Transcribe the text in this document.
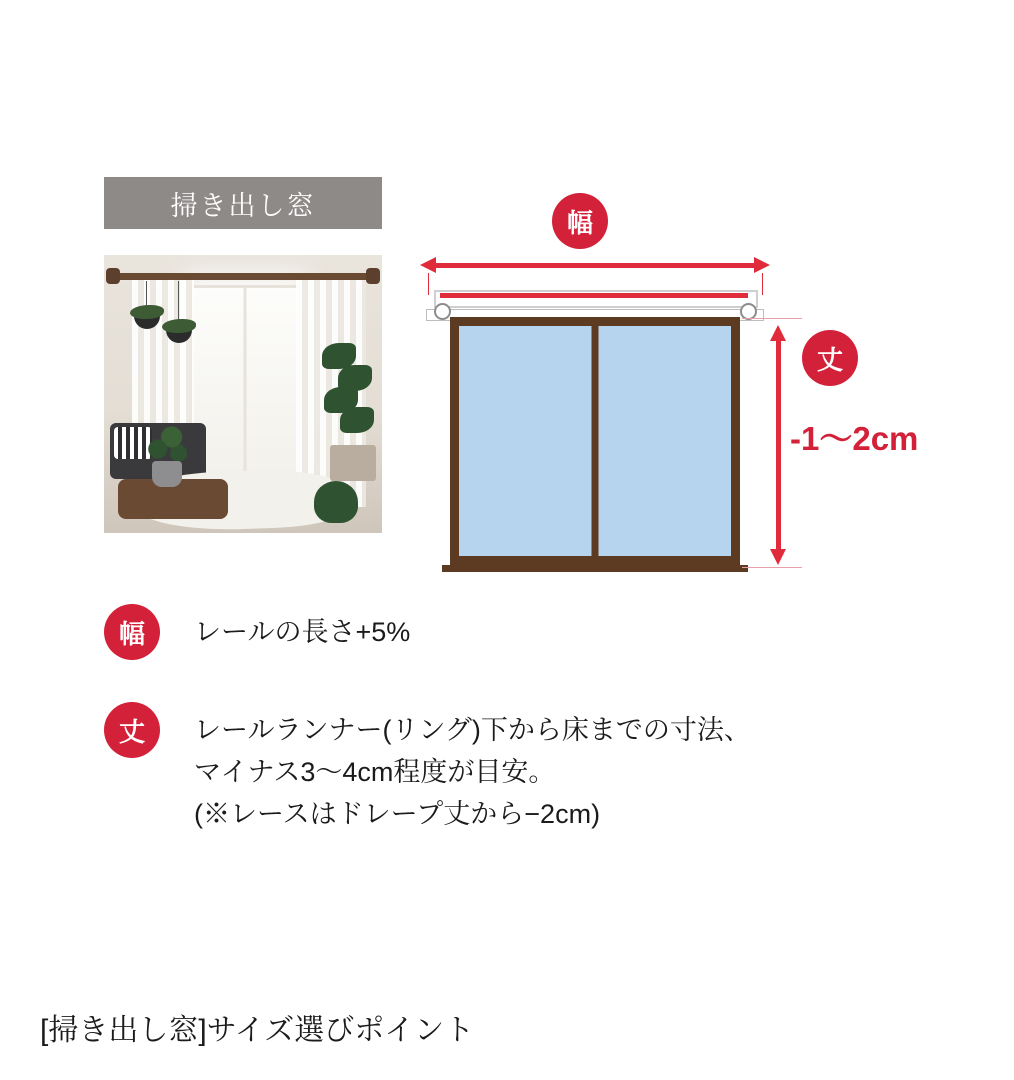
掃き出し窓
幅
丈
-1〜2cm
幅 レールの長さ+5%
丈 レールランナー(リング)下から床までの寸法、
マイナス3〜4cm程度が目安。
(※レースはドレープ丈から−2cm)
[掃き出し窓]サイズ選びポイント
